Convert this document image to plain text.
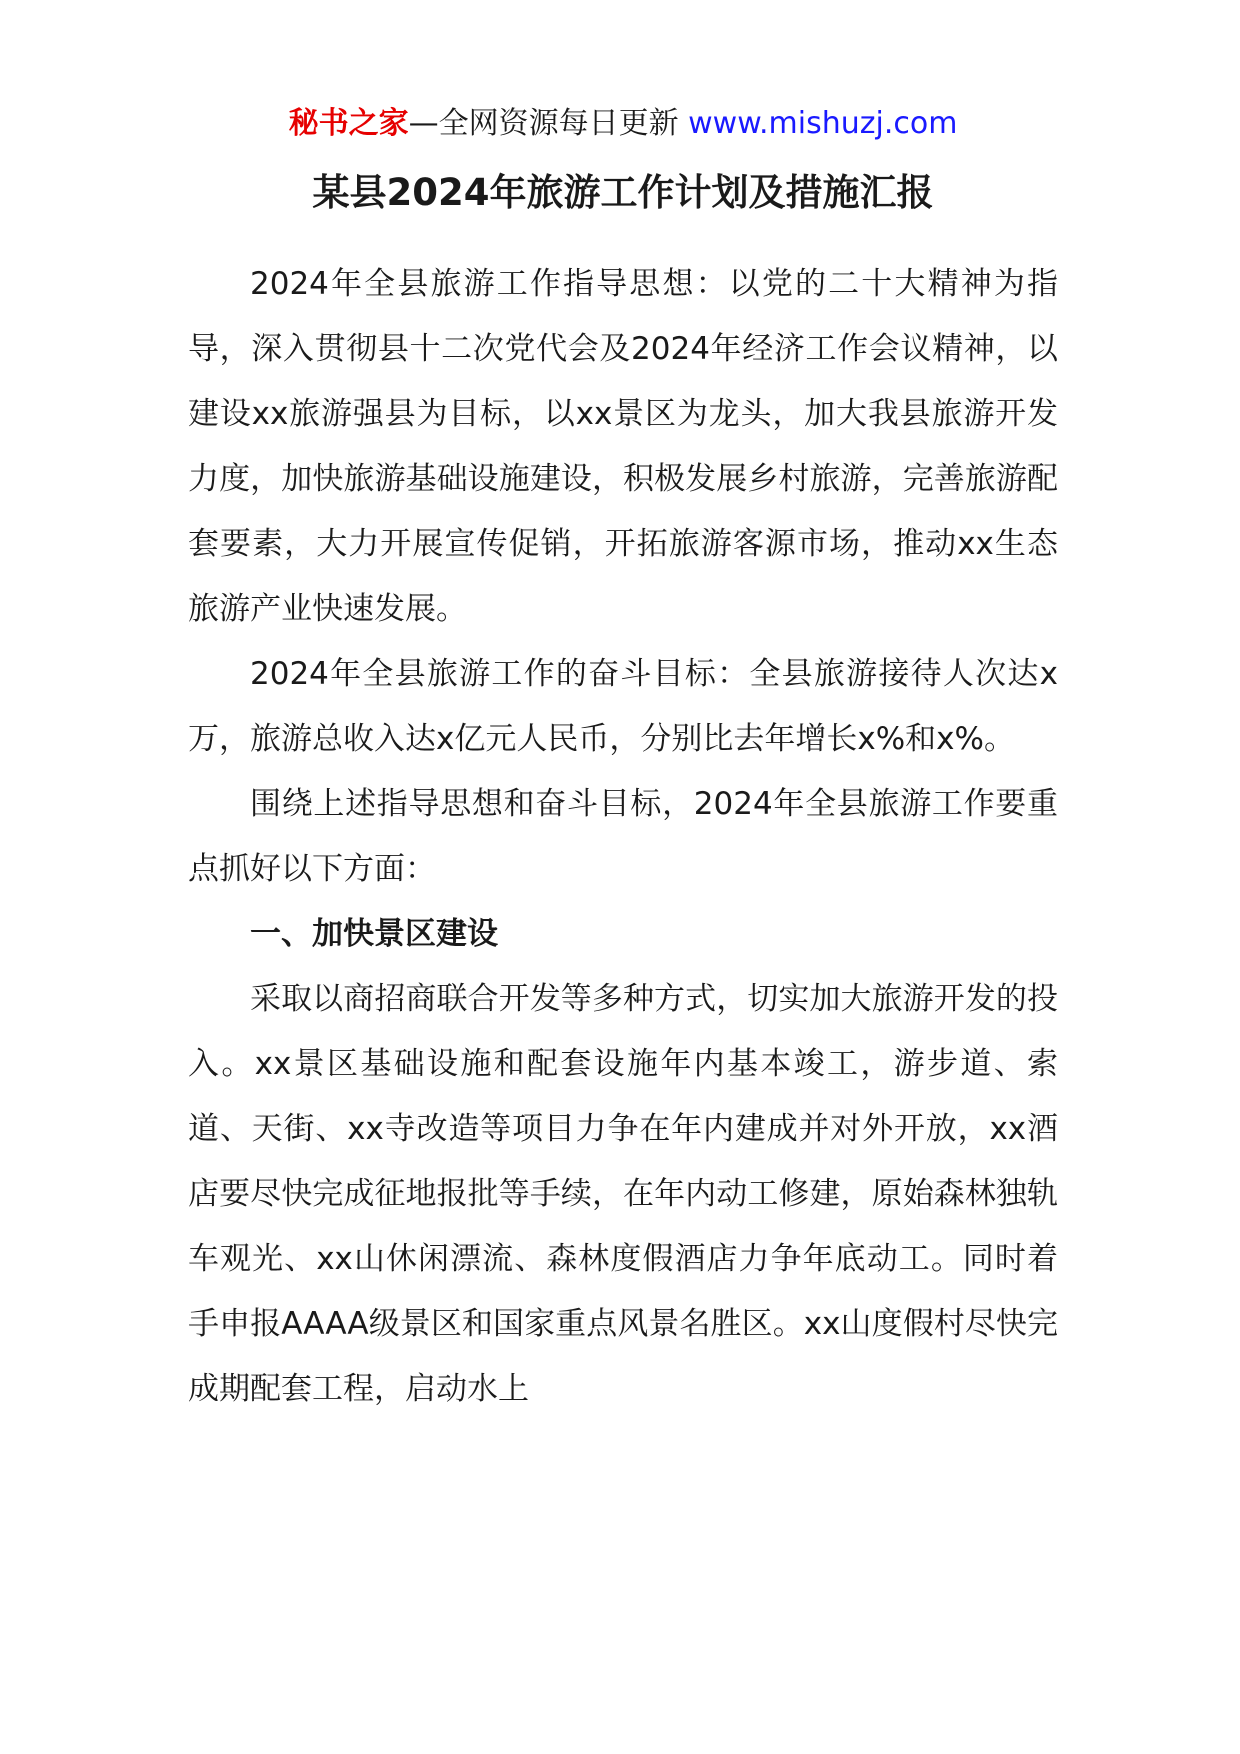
秘书之家—全网资源每日更新 www.mishuzj.com
某县2024年旅游工作计划及措施汇报

2024年全县旅游工作指导思想：以党的二十大精神为指导，深入贯彻县十二次党代会及2024年经济工作会议精神，以建设xx旅游强县为目标，以xx景区为龙头，加大我县旅游开发力度，加快旅游基础设施建设，积极发展乡村旅游，完善旅游配套要素，大力开展宣传促销，开拓旅游客源市场，推动xx生态旅游产业快速发展。

2024年全县旅游工作的奋斗目标：全县旅游接待人次达x万，旅游总收入达x亿元人民币，分别比去年增长x%和x%。

围绕上述指导思想和奋斗目标，2024年全县旅游工作要重点抓好以下方面：

一、加快景区建设

采取以商招商联合开发等多种方式，切实加大旅游开发的投入。xx景区基础设施和配套设施年内基本竣工，游步道、索道、天街、xx寺改造等项目力争在年内建成并对外开放，xx酒店要尽快完成征地报批等手续，在年内动工修建，原始森林独轨车观光、xx山休闲漂流、森林度假酒店力争年底动工。同时着手申报AAAA级景区和国家重点风景名胜区。xx山度假村尽快完成期配套工程，启动水上
